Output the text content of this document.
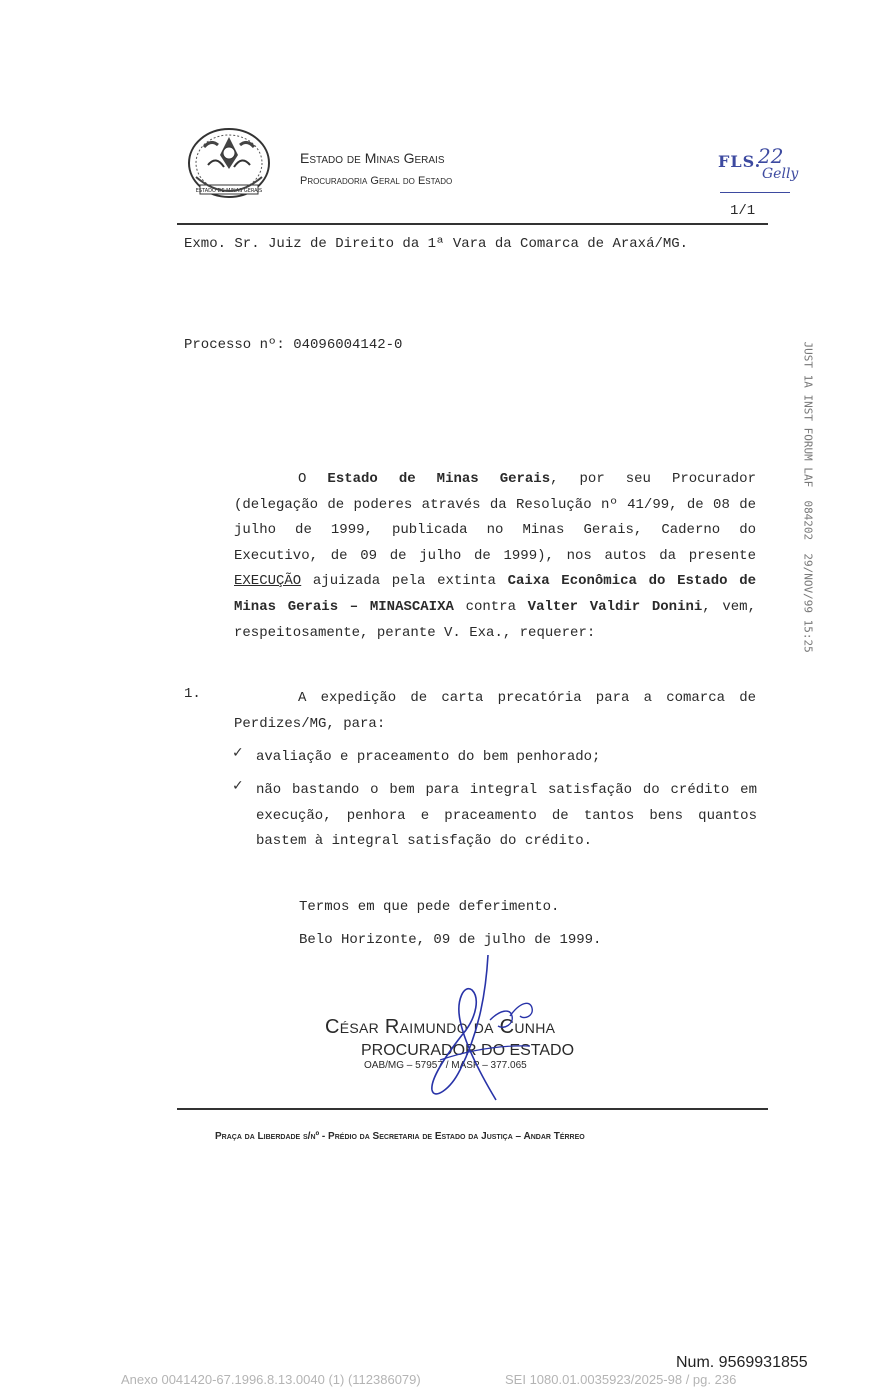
ESTADO DE MINAS GERAIS
Estado de Minas Gerais
Procuradoria Geral do Estado
FLS.
22
Gelly
1/1
Exmo. Sr. Juiz de Direito da 1ª Vara da Comarca de Araxá/MG.
Processo nº: 04096004142-0
O Estado de Minas Gerais, por seu Procurador (delegação de poderes através da Resolução nº 41/99, de 08 de julho de 1999, publicada no Minas Gerais, Caderno do Executivo, de 09 de julho de 1999), nos autos da presente EXECUÇÃO ajuizada pela extinta Caixa Econômica do Estado de Minas Gerais – MINASCAIXA contra Valter Valdir Donini, vem, respeitosamente, perante V. Exa., requerer:
1.	A expedição de carta precatória para a comarca de Perdizes/MG, para:
✓ avaliação e praceamento do bem penhorado;
✓ não bastando o bem para integral satisfação do crédito em execução, penhora e praceamento de tantos bens quantos bastem à integral satisfação do crédito.
Termos em que pede deferimento.
Belo Horizonte, 09 de julho de 1999.
César Raimundo da Cunha
PROCURADOR DO ESTADO
OAB/MG – 57957 / MASP – 377.065
Praça da Liberdade s/nº - Prédio da Secretaria de Estado da Justiça – Andar Térreo
JUST 1A INST FORUM LAF  084202  29/NOV/99 15:25
Num. 9569931855
Anexo 0041420-67.1996.8.13.0040 (1) (112386079)	SEI 1080.01.0035923/2025-98 / pg. 236
